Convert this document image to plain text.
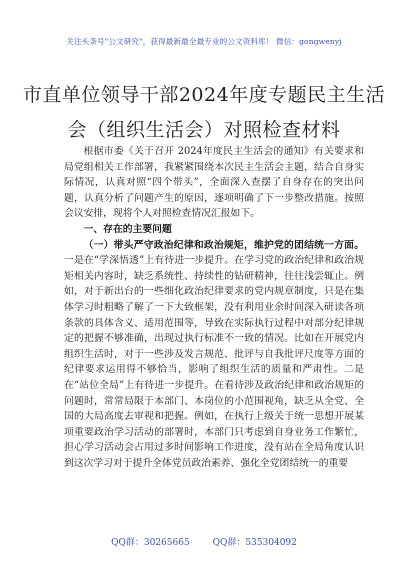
关注头条号"公文研究"，获得最新最全最专业的公文资料库！ 微信：gongwenyj
市直单位领导干部2024年度专题民主生活
会（组织生活会）对照检查材料

根据市委《关于召开 2024年度民主生活会的通知》有关要求和局党组相关工作部署，我紧紧围绕本次民主生活会主题，结合自身实际情况，认真对照“四个带头”，全面深入查摆了自身存在的突出问题，认真分析了问题产生的原因，逐项明确了下一步整改措施。按照会议安排，现将个人对照检查情况汇报如下。

一、存在的主要问题

（一）带头严守政治纪律和政治规矩，维护党的团结统一方面。一是在“学深悟透”上有待进一步提升。在学习党的政治纪律和政治规矩相关内容时，缺乏系统性、持续性的钻研精神，往往浅尝辄止。例如，对于新出台的一些细化政治纪律要求的党内规章制度，只是在集体学习时粗略了解了一下大致框架，没有利用业余时间深入研读各项条款的具体含义、适用范围等，导致在实际执行过程中对部分纪律规定的把握不够准确，出现过执行标准不一致的情况。比如在开展党内组织生活时，对于一些涉及发言规范、批评与自我批评尺度等方面的纪律要求运用得不够恰当，影响了组织生活的质量和严肃性。二是在“站位全局”上有待进一步提升。在看待涉及政治纪律和政治规矩的问题时，常常局限于本部门、本岗位的小范围视角，缺乏从全党、全国的大局高度去审视和把握。例如，在执行上级关于统一思想开展某项重要政治学习活动的部署时，本部门只考虑到自身业务工作繁忙，担心学习活动会占用过多时间影响工作进度，没有站在全局角度认识到这次学习对于提升全体党员政治素养、强化全党团结统一的重要

QQ群：30265665	QQ群：535304092
